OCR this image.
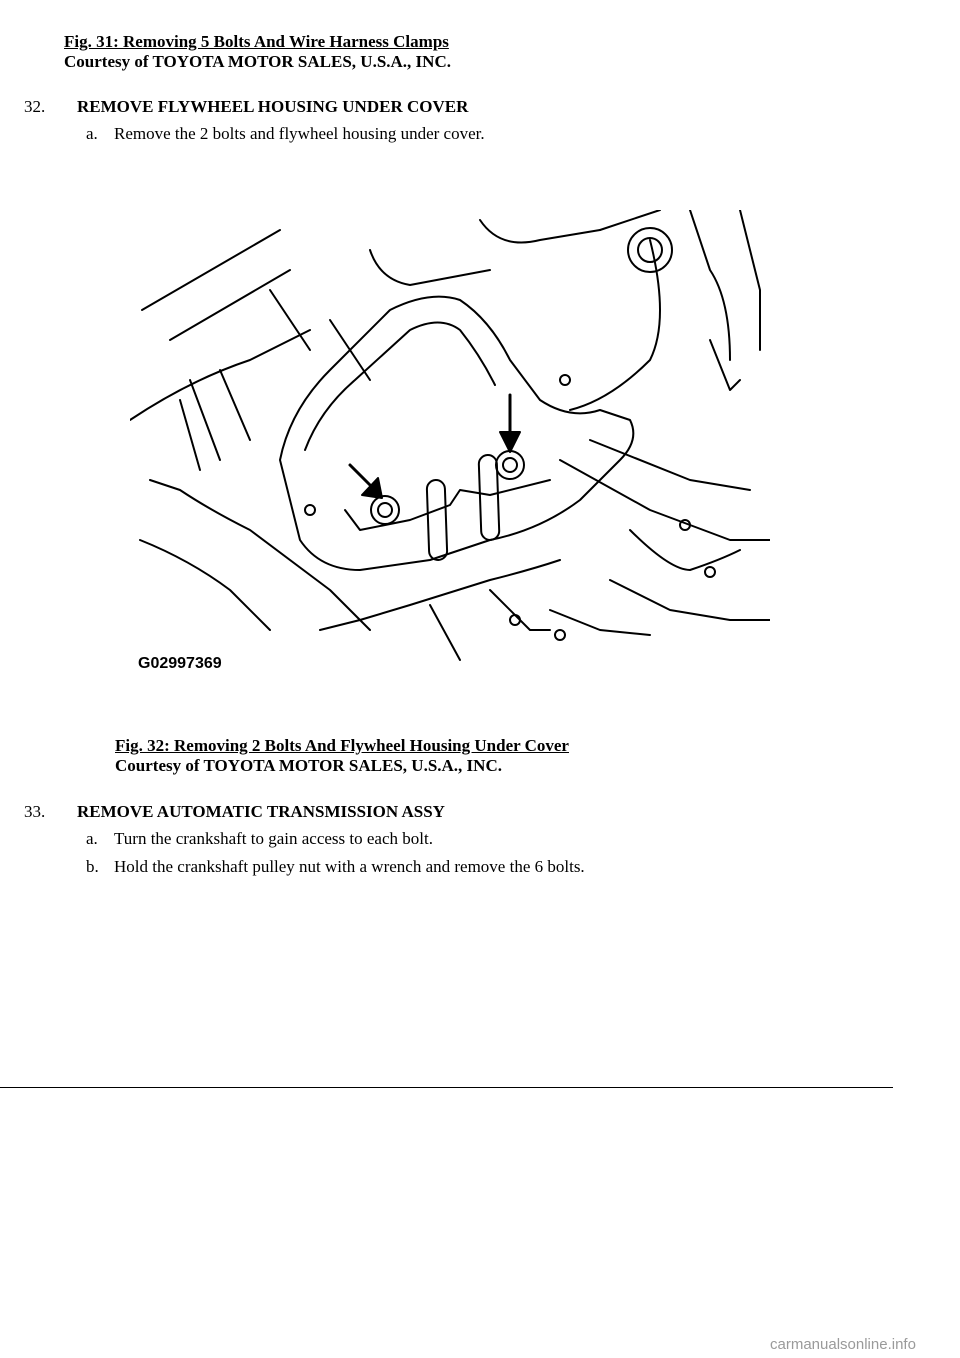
Fig. 31: Removing 5 Bolts And Wire Harness Clamps
Courtesy of TOYOTA MOTOR SALES, U.S.A., INC.
32. REMOVE FLYWHEEL HOUSING UNDER COVER
a. Remove the 2 bolts and flywheel housing under cover.
G02997369
Fig. 32: Removing 2 Bolts And Flywheel Housing Under Cover
Courtesy of TOYOTA MOTOR SALES, U.S.A., INC.
33. REMOVE AUTOMATIC TRANSMISSION ASSY
a. Turn the crankshaft to gain access to each bolt.
b. Hold the crankshaft pulley nut with a wrench and remove the 6 bolts.
carmanualsonline.info
